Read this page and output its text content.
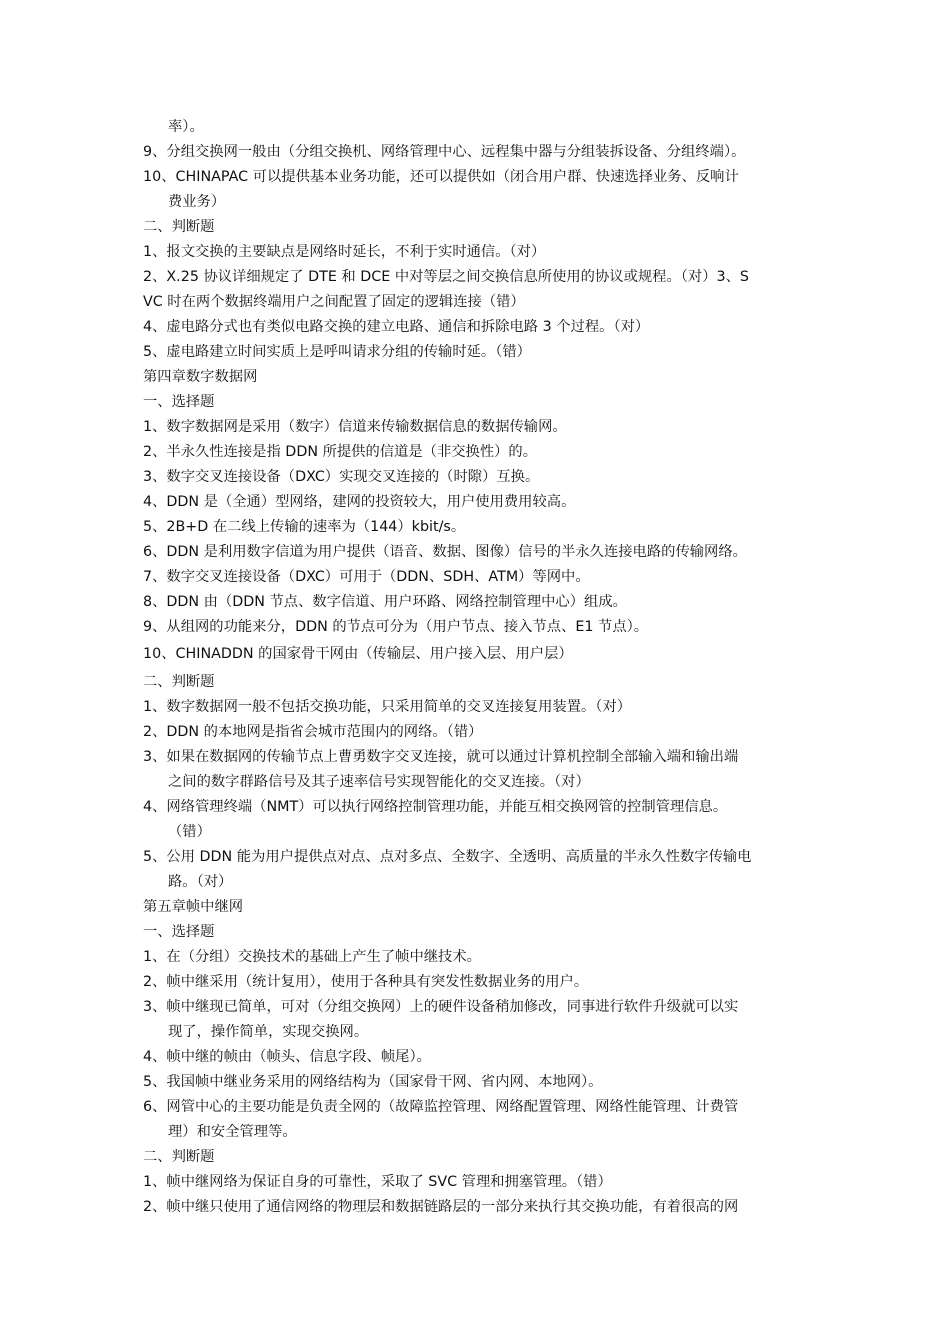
率）。
9、分组交换网一般由（分组交换机、网络管理中心、远程集中器与分组装拆设备、分组终端）。
10、CHINAPAC 可以提供基本业务功能，还可以提供如（闭合用户群、快速选择业务、反响计
费业务）
二、判断题
1、报文交换的主要缺点是网络时延长，不利于实时通信。（对）
2、X.25 协议详细规定了 DTE 和 DCE 中对等层之间交换信息所使用的协议或规程。（对）3、S
VC 时在两个数据终端用户之间配置了固定的逻辑连接（错）
4、虚电路分式也有类似电路交换的建立电路、通信和拆除电路 3 个过程。（对）
5、虚电路建立时间实质上是呼叫请求分组的传输时延。（错）
第四章数字数据网
一、选择题
1、数字数据网是采用（数字）信道来传输数据信息的数据传输网。
2、半永久性连接是指 DDN 所提供的信道是（非交换性）的。
3、数字交叉连接设备（DXC）实现交叉连接的（时隙）互换。
4、DDN 是（全通）型网络，建网的投资较大，用户使用费用较高。
5、2B+D 在二线上传输的速率为（144）kbit/s。
6、DDN 是利用数字信道为用户提供（语音、数据、图像）信号的半永久连接电路的传输网络。
7、数字交叉连接设备（DXC）可用于（DDN、SDH、ATM）等网中。
8、DDN 由（DDN 节点、数字信道、用户环路、网络控制管理中心）组成。
9、从组网的功能来分，DDN 的节点可分为（用户节点、接入节点、E1 节点）。
10、CHINADDN 的国家骨干网由（传输层、用户接入层、用户层）
二、判断题
1、数字数据网一般不包括交换功能，只采用简单的交叉连接复用装置。（对）
2、DDN 的本地网是指省会城市范围内的网络。（错）
3、如果在数据网的传输节点上曹勇数字交叉连接，就可以通过计算机控制全部输入端和输出端
之间的数字群路信号及其子速率信号实现智能化的交叉连接。（对）
4、网络管理终端（NMT）可以执行网络控制管理功能，并能互相交换网管的控制管理信息。
（错）
5、公用 DDN 能为用户提供点对点、点对多点、全数字、全透明、高质量的半永久性数字传输电
路。（对）
第五章帧中继网
一、选择题
1、在（分组）交换技术的基础上产生了帧中继技术。
2、帧中继采用（统计复用），使用于各种具有突发性数据业务的用户。
3、帧中继现已简单，可对（分组交换网）上的硬件设备稍加修改，同事进行软件升级就可以实
现了，操作简单，实现交换网。
4、帧中继的帧由（帧头、信息字段、帧尾）。
5、我国帧中继业务采用的网络结构为（国家骨干网、省内网、本地网）。
6、网管中心的主要功能是负责全网的（故障监控管理、网络配置管理、网络性能管理、计费管
理）和安全管理等。
二、判断题
1、帧中继网络为保证自身的可靠性，采取了 SVC 管理和拥塞管理。（错）
2、帧中继只使用了通信网络的物理层和数据链路层的一部分来执行其交换功能，有着很高的网
